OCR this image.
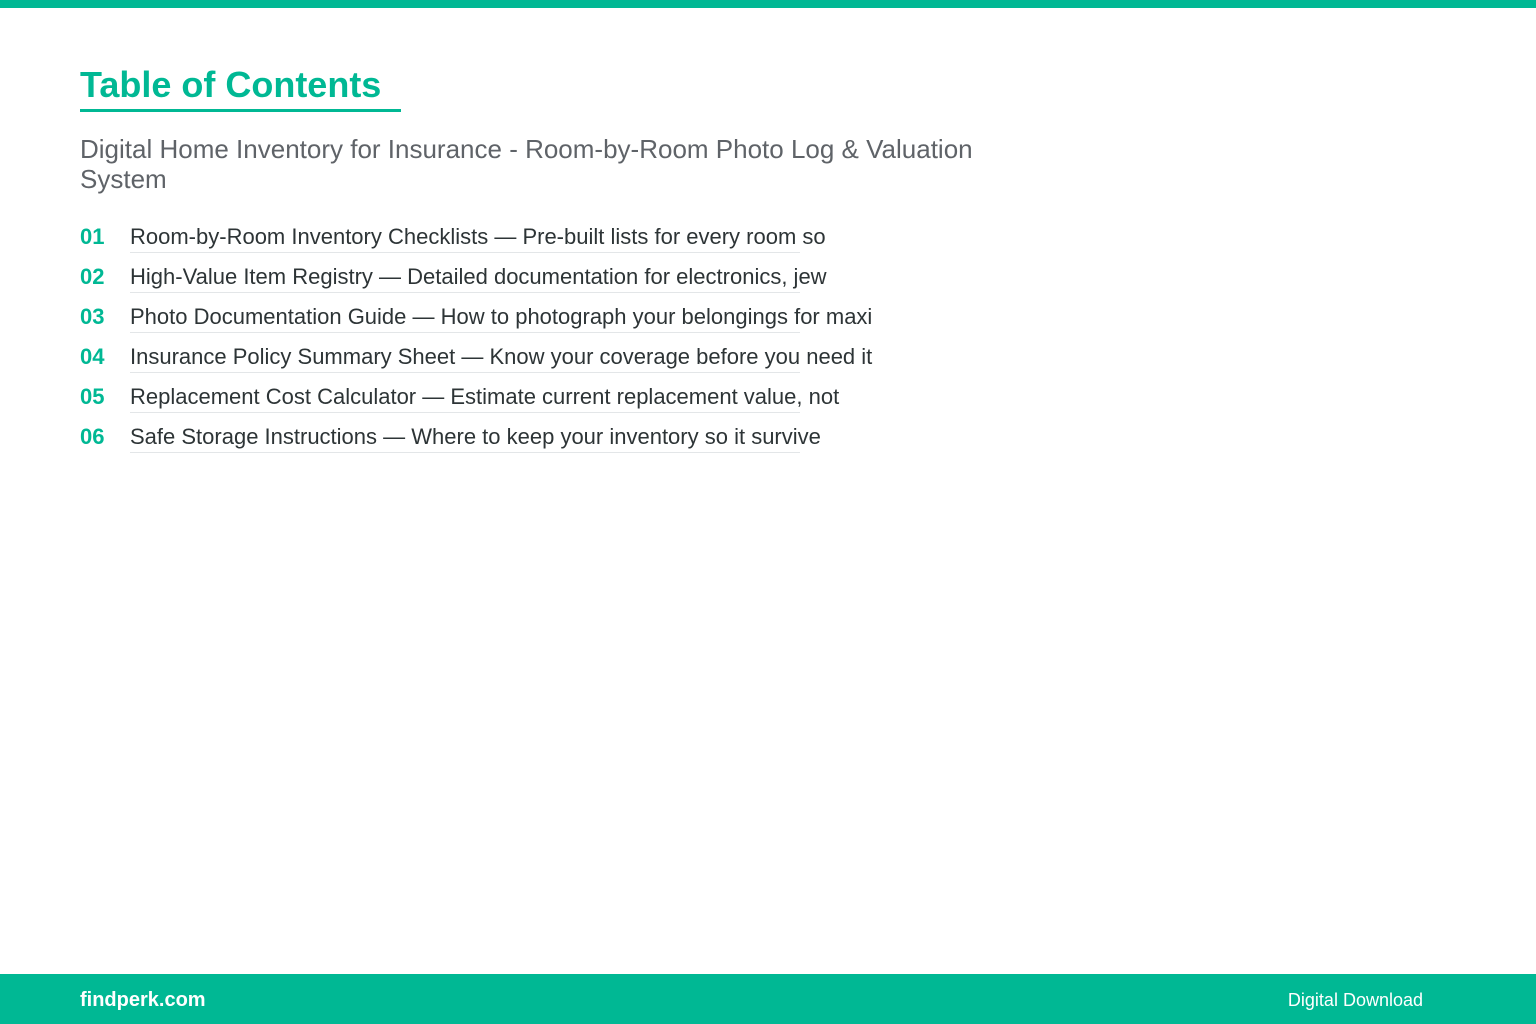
Table of Contents

Digital Home Inventory for Insurance - Room-by-Room Photo Log & Valuation System

01 Room-by-Room Inventory Checklists — Pre-built lists for every room so
02 High-Value Item Registry — Detailed documentation for electronics, jew
03 Photo Documentation Guide — How to photograph your belongings for maxi
04 Insurance Policy Summary Sheet — Know your coverage before you need it
05 Replacement Cost Calculator — Estimate current replacement value, not
06 Safe Storage Instructions — Where to keep your inventory so it survive
findperk.com	Digital Download
